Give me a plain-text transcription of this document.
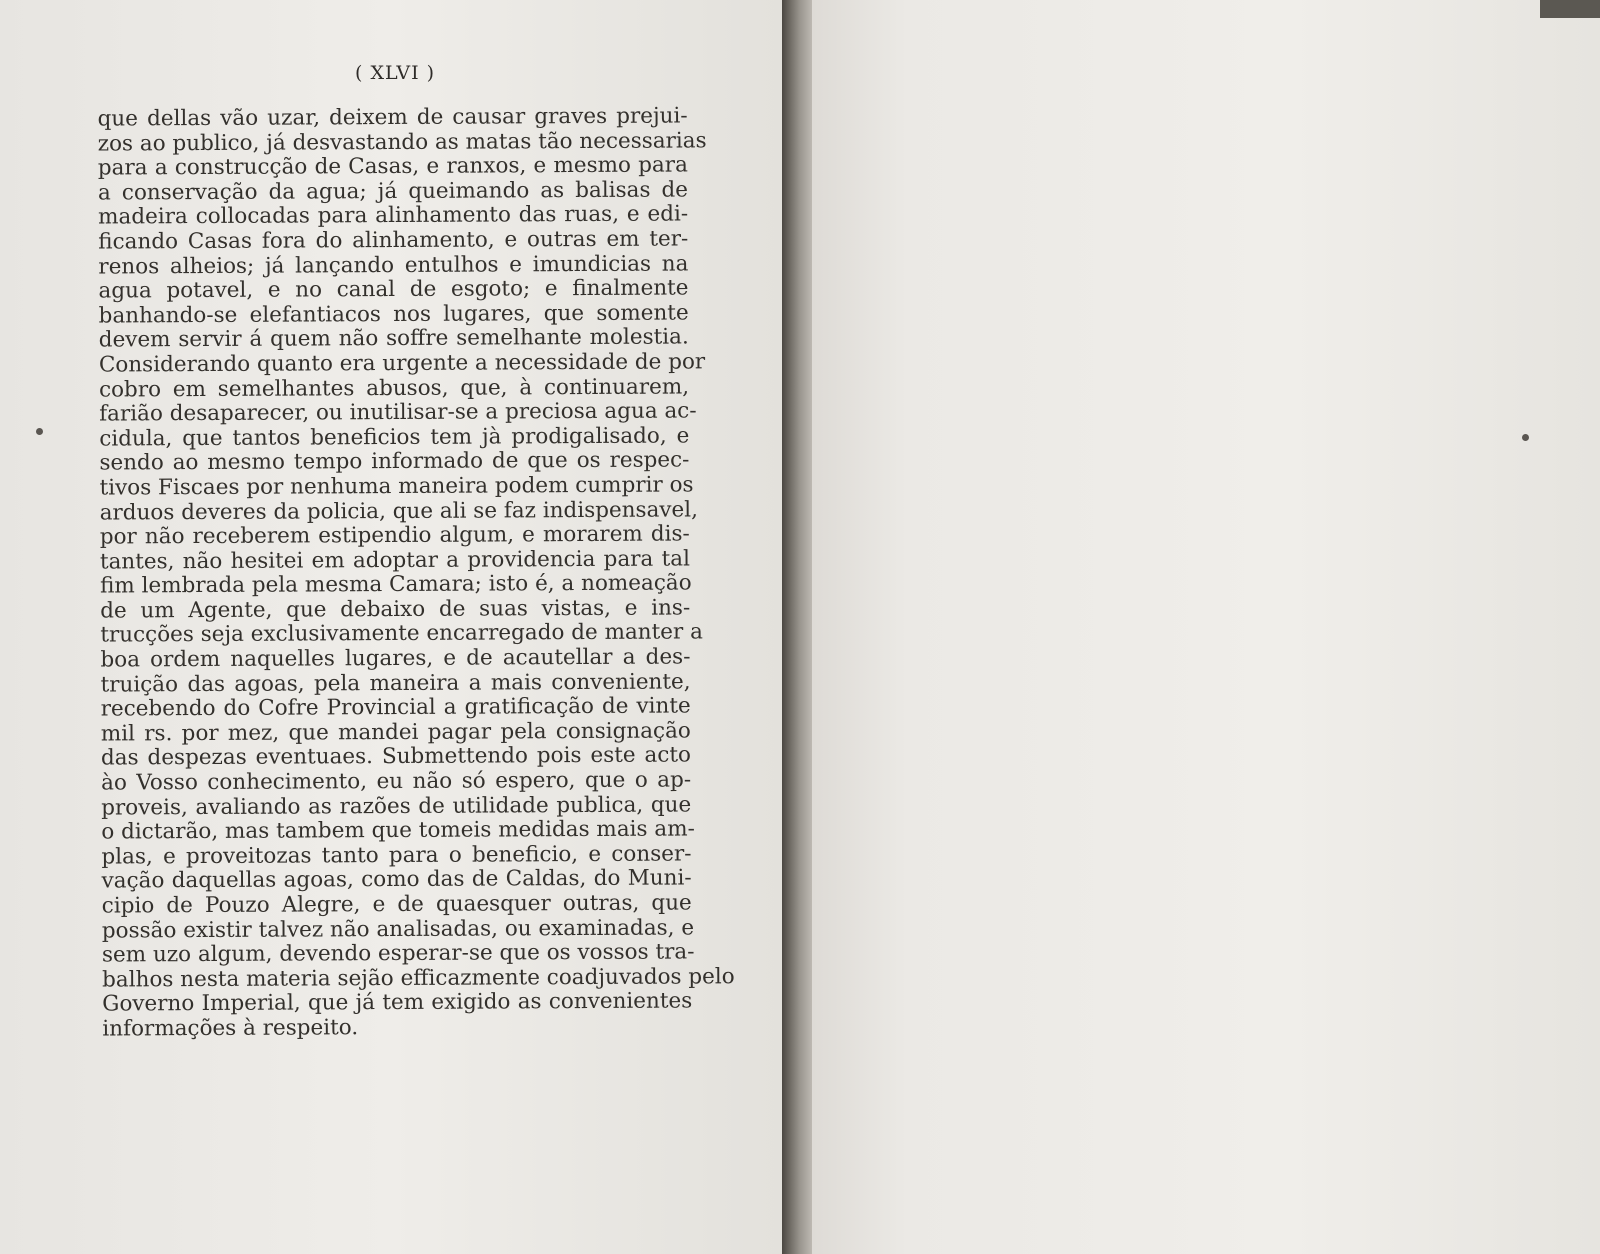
( XLVI )
que dellas vão uzar, deixem de causar graves prejui-
zos ao publico, já desvastando as matas tão necessarias
para a construcção de Casas, e ranxos, e mesmo para
a conservação da agua; já queimando as balisas de
madeira collocadas para alinhamento das ruas, e edi-
ficando Casas fora do alinhamento, e outras em ter-
renos alheios; já lançando entulhos e imundicias na
agua potavel, e no canal de esgoto; e finalmente
banhando-se elefantiacos nos lugares, que somente
devem servir á quem não soffre semelhante molestia.
Considerando quanto era urgente a necessidade de por
cobro em semelhantes abusos, que, à continuarem,
farião desaparecer, ou inutilisar-se a preciosa agua ac-
cidula, que tantos beneficios tem jà prodigalisado, e
sendo ao mesmo tempo informado de que os respec-
tivos Fiscaes por nenhuma maneira podem cumprir os
arduos deveres da policia, que ali se faz indispensavel,
por não receberem estipendio algum, e morarem dis-
tantes, não hesitei em adoptar a providencia para tal
fim lembrada pela mesma Camara; isto é, a nomeação
de um Agente, que debaixo de suas vistas, e ins-
trucções seja exclusivamente encarregado de manter a
boa ordem naquelles lugares, e de acautellar a des-
truição das agoas, pela maneira a mais conveniente,
recebendo do Cofre Provincial a gratificação de vinte
mil rs. por mez, que mandei pagar pela consignação
das despezas eventuaes. Submettendo pois este acto
ào Vosso conhecimento, eu não só espero, que o ap-
proveis, avaliando as razões de utilidade publica, que
o dictarão, mas tambem que tomeis medidas mais am-
plas, e proveitozas tanto para o beneficio, e conser-
vação daquellas agoas, como das de Caldas, do Muni-
cipio de Pouzo Alegre, e de quaesquer outras, que
possão existir talvez não analisadas, ou examinadas, e
sem uzo algum, devendo esperar-se que os vossos tra-
balhos nesta materia sejão efficazmente coadjuvados pelo
Governo Imperial, que já tem exigido as convenientes
informações à respeito.
